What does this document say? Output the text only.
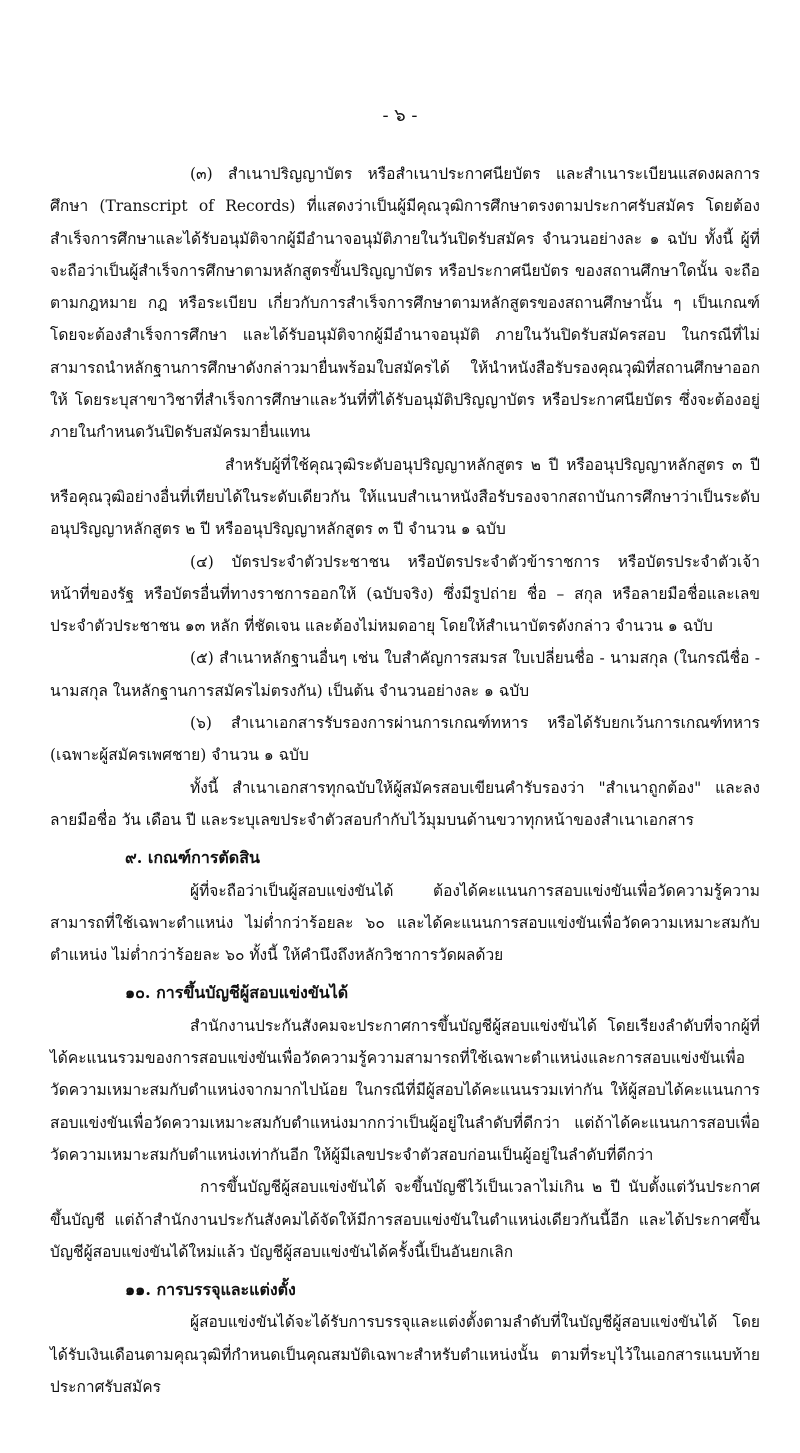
- ๖ -

(๓) สำเนาปริญญาบัตร หรือสำเนาประกาศนียบัตร และสำเนาระเบียนแสดงผลการศึกษา (Transcript of Records) ที่แสดงว่าเป็นผู้มีคุณวุฒิการศึกษาตรงตามประกาศรับสมัคร โดยต้องสำเร็จการศึกษาและได้รับอนุมัติจากผู้มีอำนาจอนุมัติภายในวันปิดรับสมัคร จำนวนอย่างละ ๑ ฉบับ ทั้งนี้ ผู้ที่จะถือว่าเป็นผู้สำเร็จการศึกษาตามหลักสูตรขั้นปริญญาบัตร หรือประกาศนียบัตร ของสถานศึกษาใดนั้น จะถือตามกฎหมาย กฎ หรือระเบียบ เกี่ยวกับการสำเร็จการศึกษาตามหลักสูตรของสถานศึกษานั้น ๆ เป็นเกณฑ์ โดยจะต้องสำเร็จการศึกษา และได้รับอนุมัติจากผู้มีอำนาจอนุมัติ ภายในวันปิดรับสมัครสอบ ในกรณีที่ไม่สามารถนำหลักฐานการศึกษาดังกล่าวมายื่นพร้อมใบสมัครได้ ให้นำหนังสือรับรองคุณวุฒิที่สถานศึกษาออกให้ โดยระบุสาขาวิชาที่สำเร็จการศึกษาและวันที่ที่ได้รับอนุมัติปริญญาบัตร หรือประกาศนียบัตร ซึ่งจะต้องอยู่ภายในกำหนดวันปิดรับสมัครมายื่นแทน

สำหรับผู้ที่ใช้คุณวุฒิระดับอนุปริญญาหลักสูตร ๒ ปี หรืออนุปริญญาหลักสูตร ๓ ปี หรือคุณวุฒิอย่างอื่นที่เทียบได้ในระดับเดียวกัน ให้แนบสำเนาหนังสือรับรองจากสถาบันการศึกษาว่าเป็นระดับอนุปริญญาหลักสูตร ๒ ปี หรืออนุปริญญาหลักสูตร ๓ ปี จำนวน ๑ ฉบับ

(๔) บัตรประจำตัวประชาชน หรือบัตรประจำตัวข้าราชการ หรือบัตรประจำตัวเจ้าหน้าที่ของรัฐ หรือบัตรอื่นที่ทางราชการออกให้ (ฉบับจริง) ซึ่งมีรูปถ่าย ชื่อ – สกุล หรือลายมือชื่อและเลขประจำตัวประชาชน ๑๓ หลัก ที่ชัดเจน และต้องไม่หมดอายุ โดยให้สำเนาบัตรดังกล่าว จำนวน ๑ ฉบับ

(๕) สำเนาหลักฐานอื่นๆ เช่น ใบสำคัญการสมรส ใบเปลี่ยนชื่อ - นามสกุล (ในกรณีชื่อ - นามสกุล ในหลักฐานการสมัครไม่ตรงกัน) เป็นต้น จำนวนอย่างละ ๑ ฉบับ

(๖) สำเนาเอกสารรับรองการผ่านการเกณฑ์ทหาร หรือได้รับยกเว้นการเกณฑ์ทหาร (เฉพาะผู้สมัครเพศชาย) จำนวน ๑ ฉบับ

ทั้งนี้ สำเนาเอกสารทุกฉบับให้ผู้สมัครสอบเขียนคำรับรองว่า "สำเนาถูกต้อง" และลงลายมือชื่อ วัน เดือน ปี และระบุเลขประจำตัวสอบกำกับไว้มุมบนด้านขวาทุกหน้าของสำเนาเอกสาร

๙. เกณฑ์การตัดสิน

ผู้ที่จะถือว่าเป็นผู้สอบแข่งขันได้ ต้องได้คะแนนการสอบแข่งขันเพื่อวัดความรู้ความสามารถที่ใช้เฉพาะตำแหน่ง ไม่ต่ำกว่าร้อยละ ๖๐ และได้คะแนนการสอบแข่งขันเพื่อวัดความเหมาะสมกับตำแหน่ง ไม่ต่ำกว่าร้อยละ ๖๐ ทั้งนี้ ให้คำนึงถึงหลักวิชาการวัดผลด้วย

๑๐. การขึ้นบัญชีผู้สอบแข่งขันได้

สำนักงานประกันสังคมจะประกาศการขึ้นบัญชีผู้สอบแข่งขันได้ โดยเรียงลำดับที่จากผู้ที่ได้คะแนนรวมของการสอบแข่งขันเพื่อวัดความรู้ความสามารถที่ใช้เฉพาะตำแหน่งและการสอบแข่งขันเพื่อวัดความเหมาะสมกับตำแหน่งจากมากไปน้อย ในกรณีที่มีผู้สอบได้คะแนนรวมเท่ากัน ให้ผู้สอบได้คะแนนการสอบแข่งขันเพื่อวัดความเหมาะสมกับตำแหน่งมากกว่าเป็นผู้อยู่ในลำดับที่ดีกว่า แต่ถ้าได้คะแนนการสอบเพื่อวัดความเหมาะสมกับตำแหน่งเท่ากันอีก ให้ผู้มีเลขประจำตัวสอบก่อนเป็นผู้อยู่ในลำดับที่ดีกว่า

การขึ้นบัญชีผู้สอบแข่งขันได้ จะขึ้นบัญชีไว้เป็นเวลาไม่เกิน ๒ ปี นับตั้งแต่วันประกาศขึ้นบัญชี แต่ถ้าสำนักงานประกันสังคมได้จัดให้มีการสอบแข่งขันในตำแหน่งเดียวกันนี้อีก และได้ประกาศขึ้นบัญชีผู้สอบแข่งขันได้ใหม่แล้ว บัญชีผู้สอบแข่งขันได้ครั้งนี้เป็นอันยกเลิก

๑๑. การบรรจุและแต่งตั้ง

ผู้สอบแข่งขันได้จะได้รับการบรรจุและแต่งตั้งตามลำดับที่ในบัญชีผู้สอบแข่งขันได้ โดยได้รับเงินเดือนตามคุณวุฒิที่กำหนดเป็นคุณสมบัติเฉพาะสำหรับตำแหน่งนั้น ตามที่ระบุไว้ในเอกสารแนบท้ายประกาศรับสมัคร
